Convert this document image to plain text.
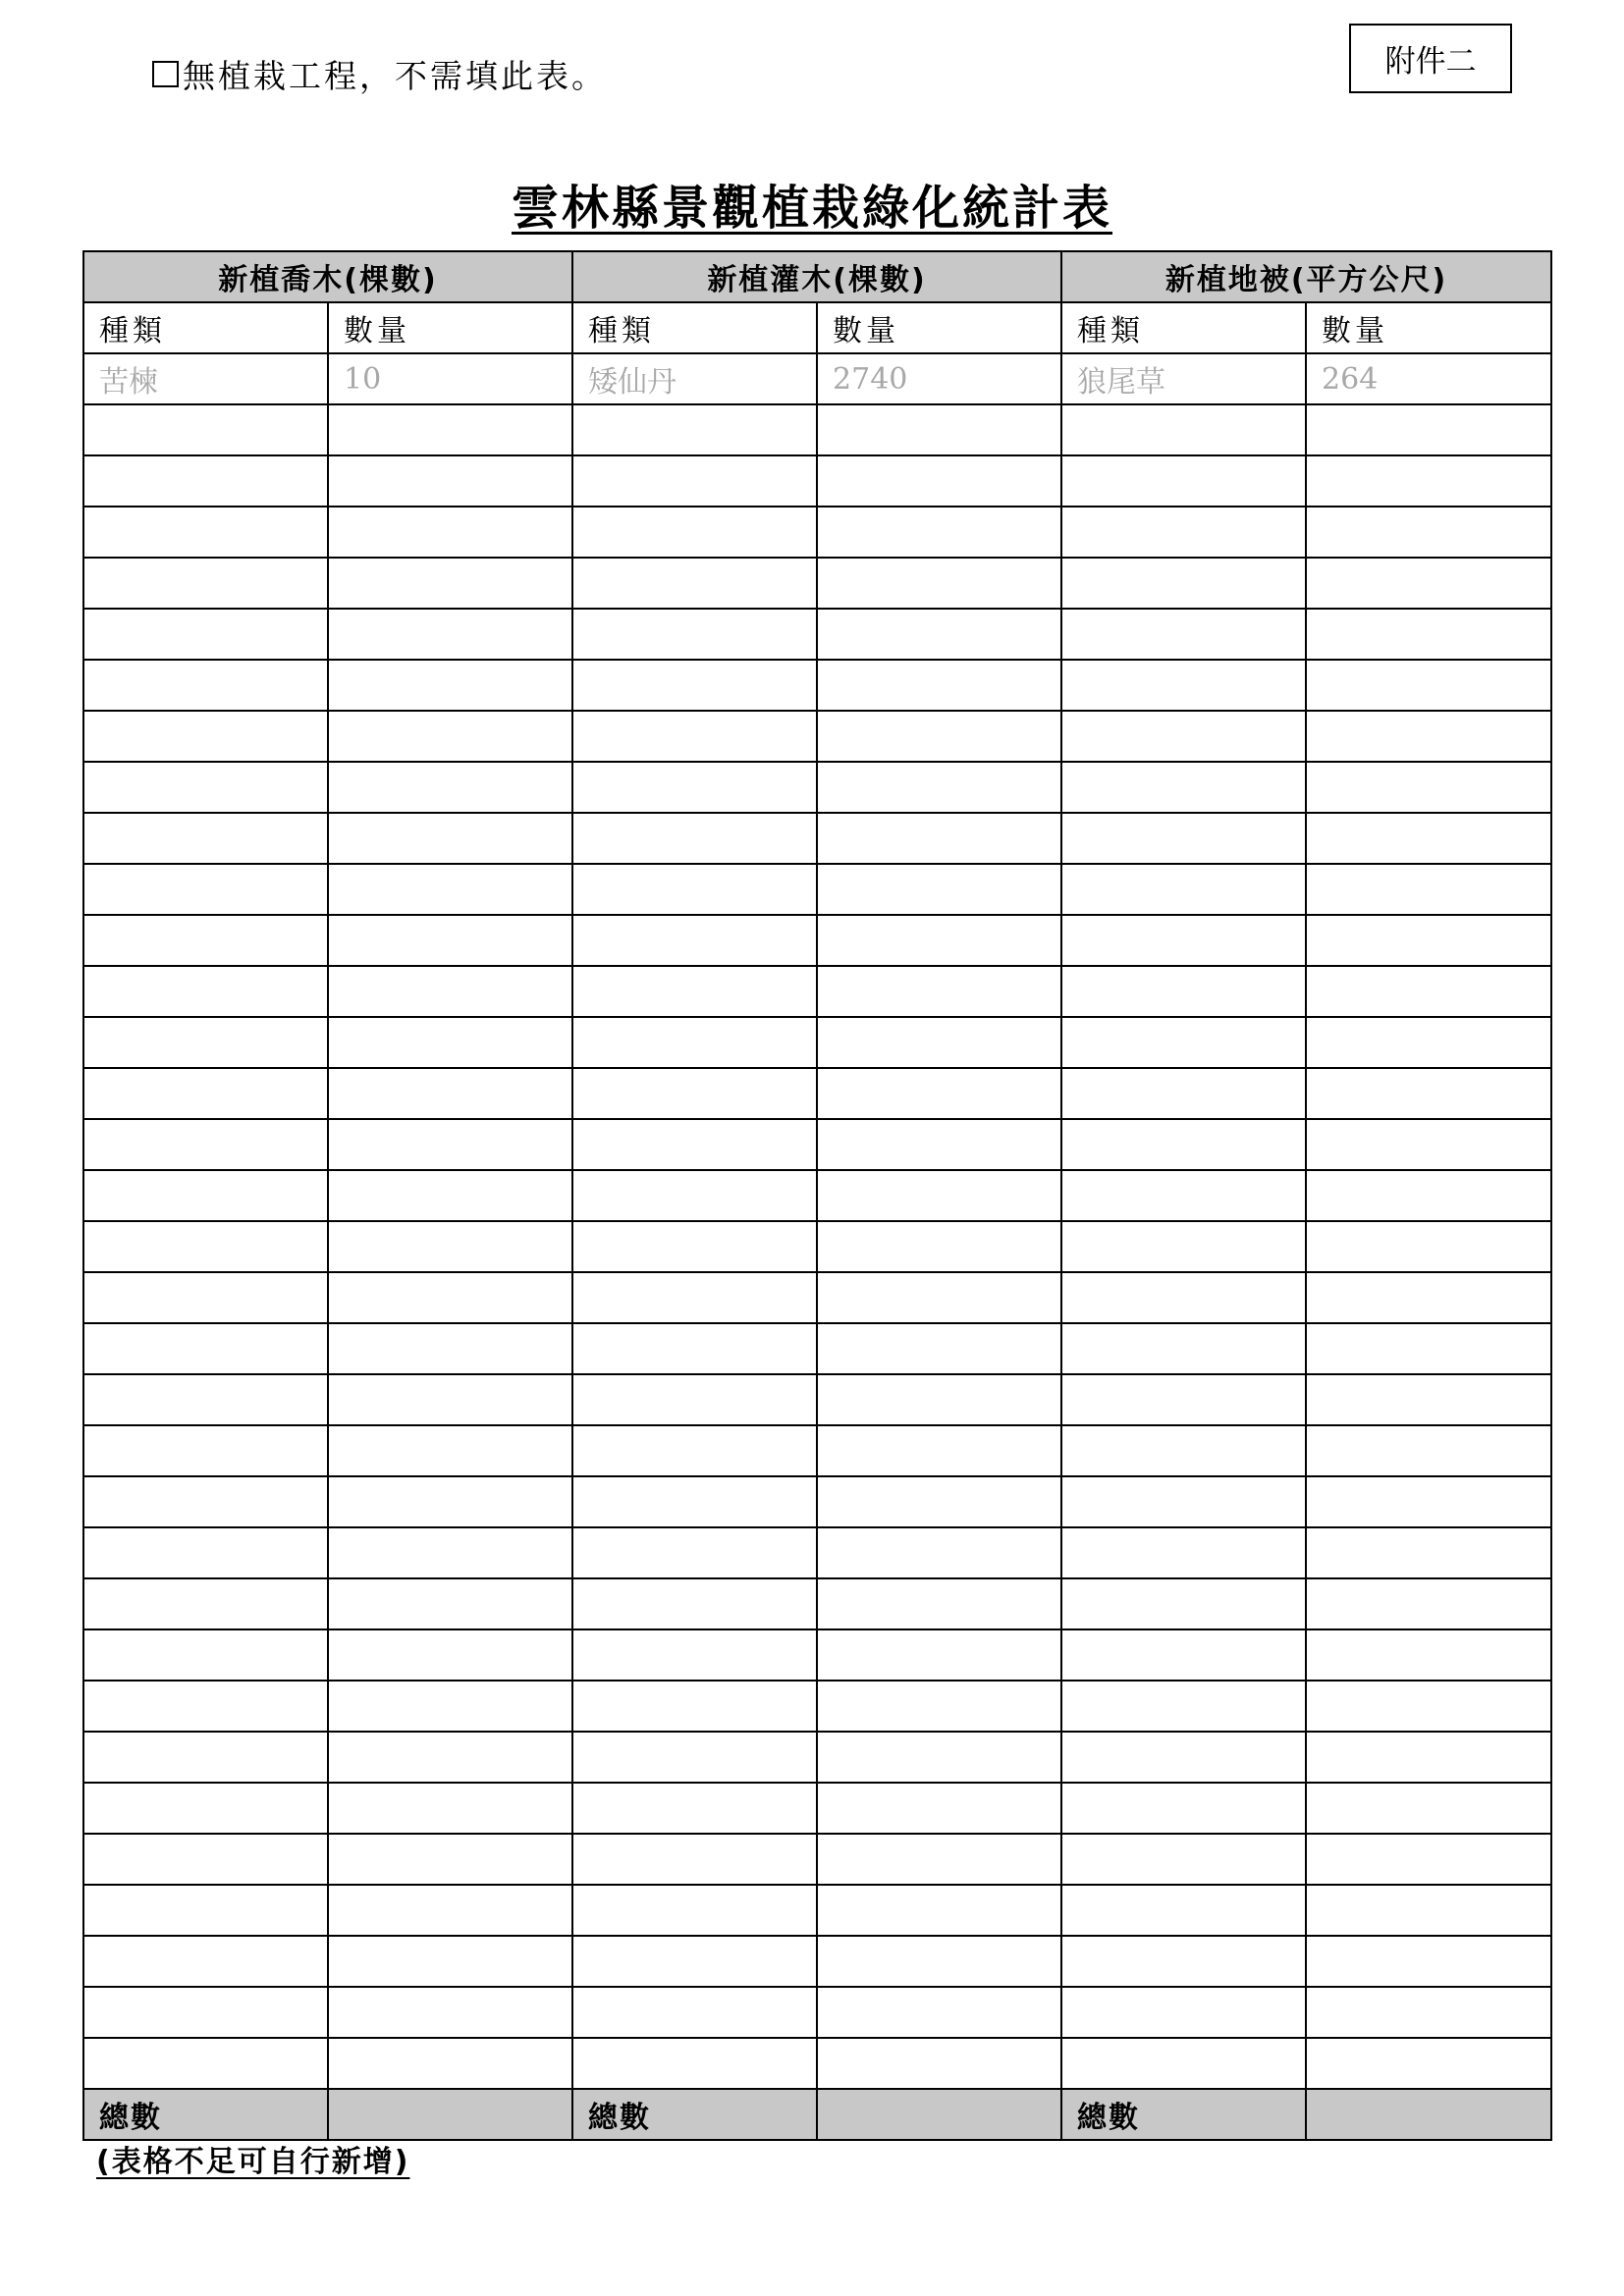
無植栽工程，不需填此表。	附件二
雲林縣景觀植栽綠化統計表
新植喬木(棵數)		新植灌木(棵數)		新植地被(平方公尺)	
種類	數量	種類	數量	種類	數量
苦楝	10	矮仙丹	2740	狼尾草	264

總數		總數		總數	
(表格不足可自行新增)
